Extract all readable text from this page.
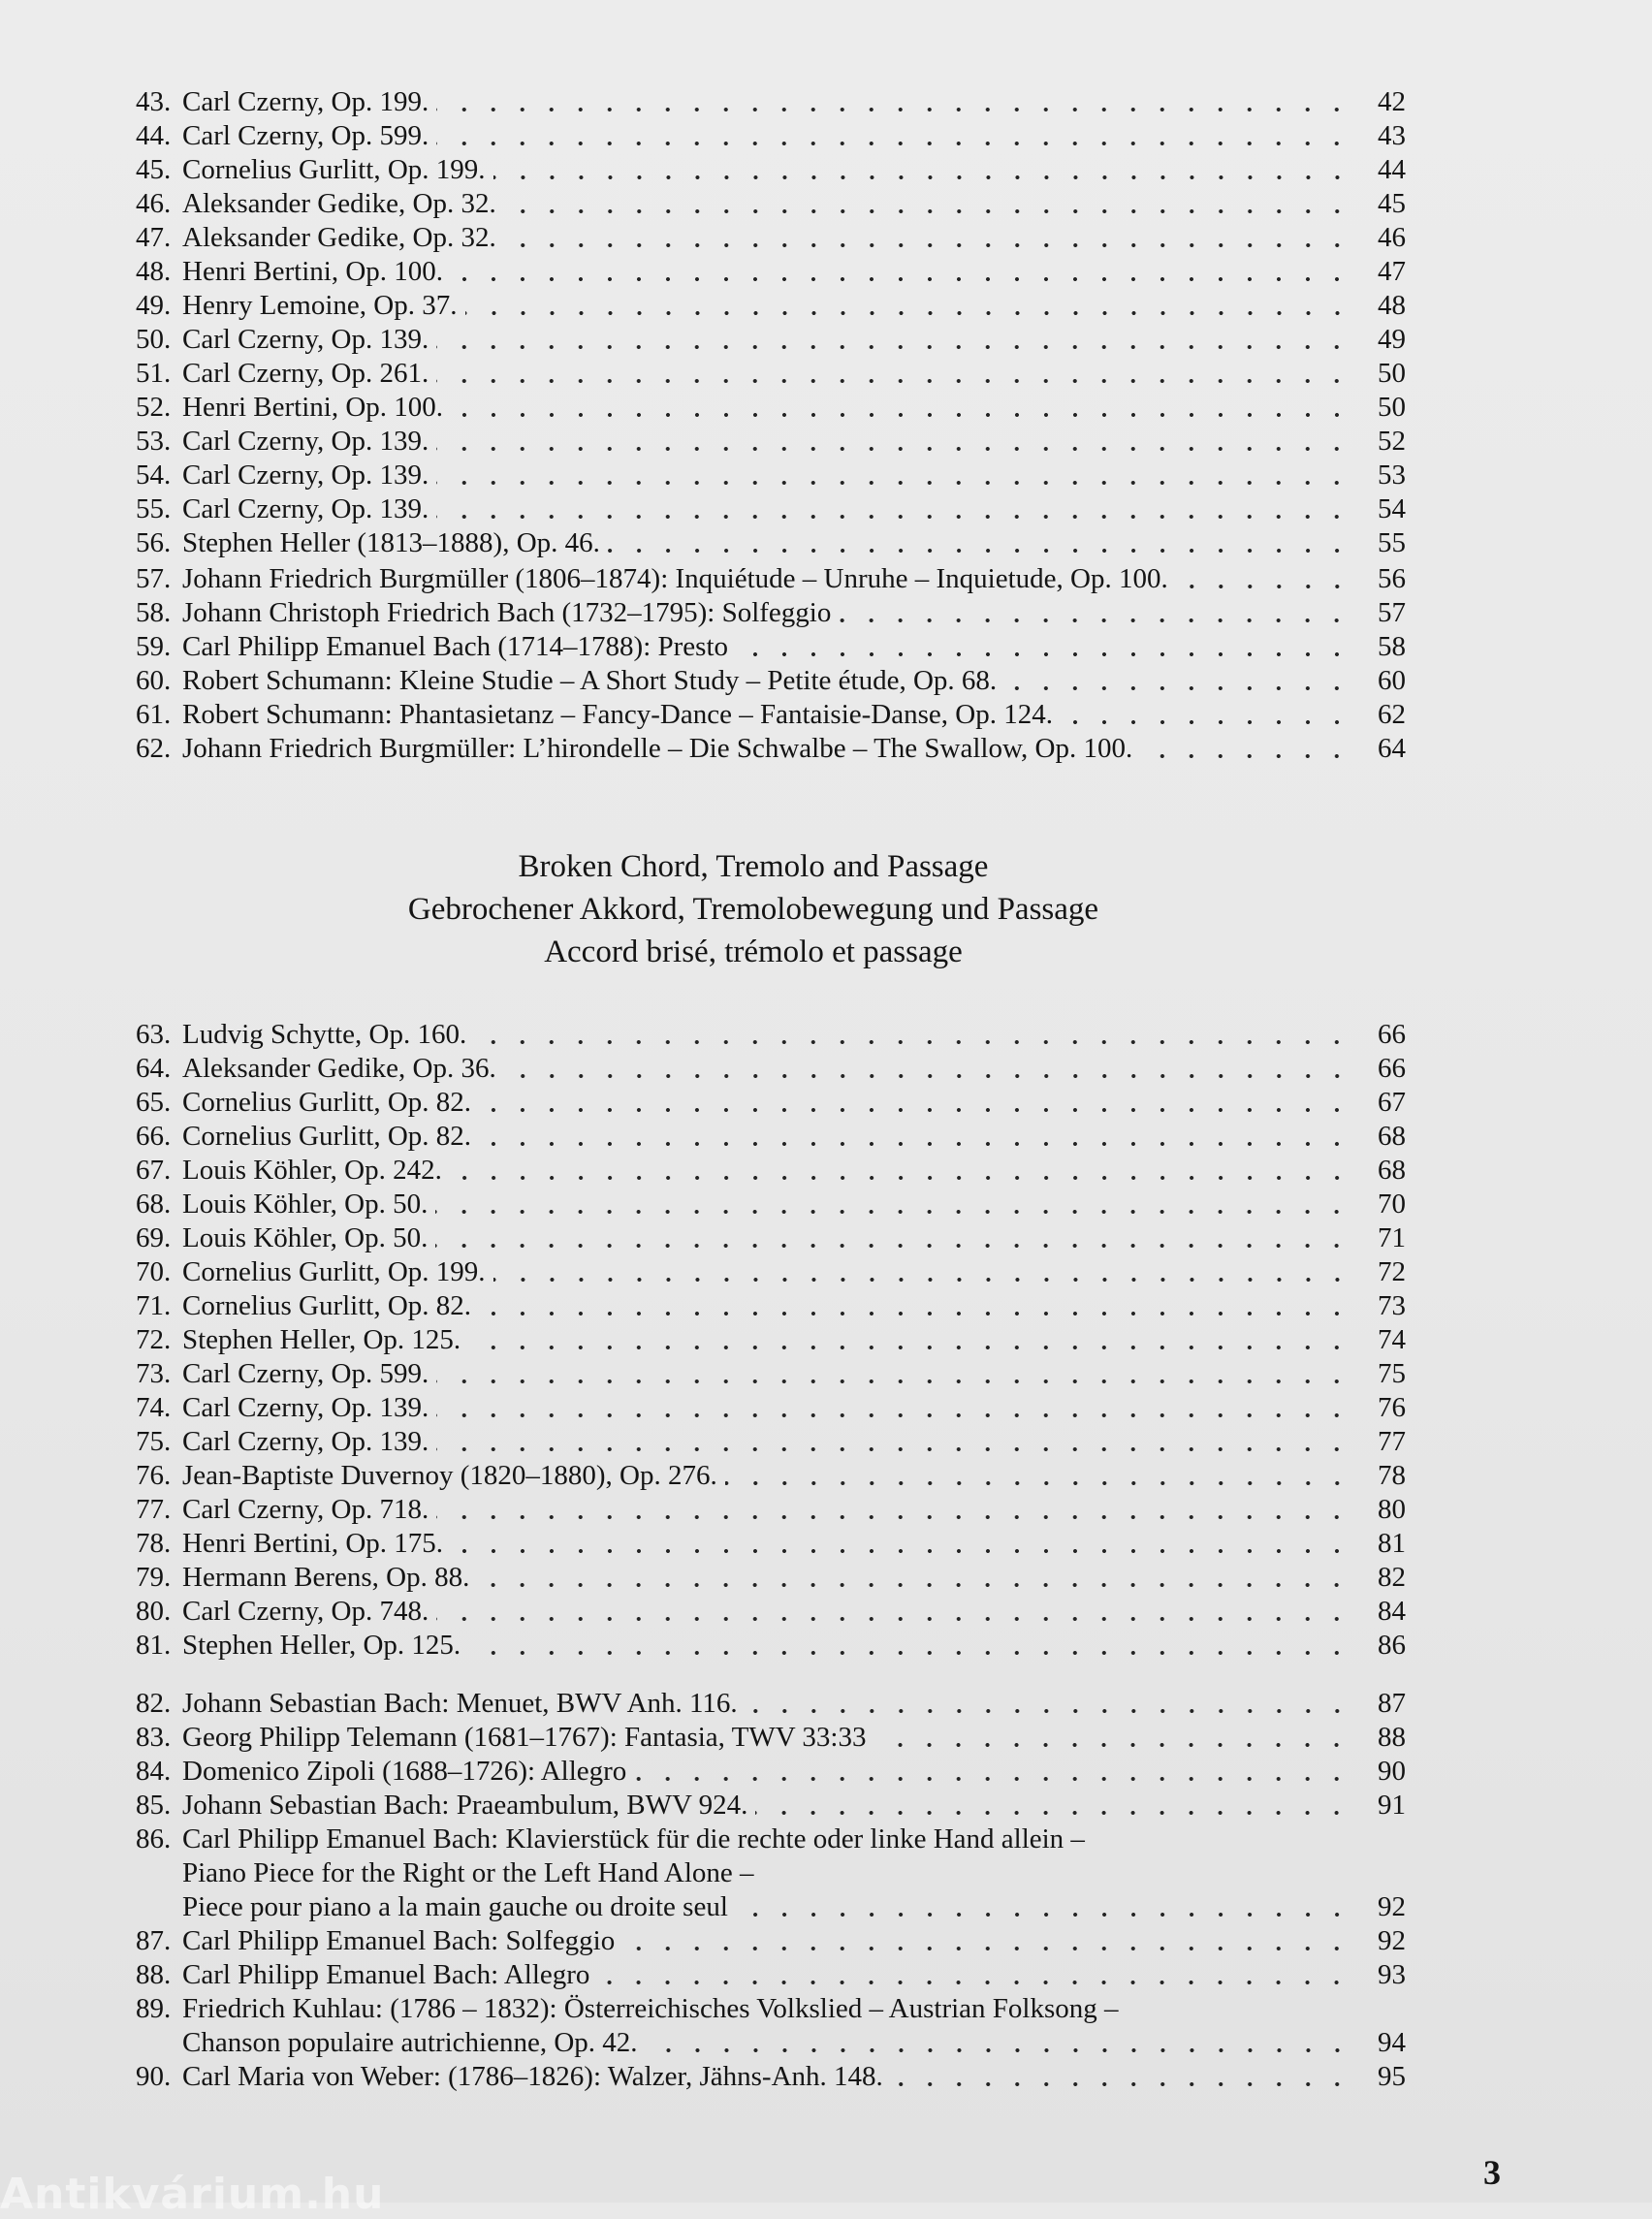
43. Carl Czerny, Op. 199.	42
44. Carl Czerny, Op. 599.	43
45. Cornelius Gurlitt, Op. 199.	44
46. Aleksander Gedike, Op. 32.	45
47. Aleksander Gedike, Op. 32.	46
48. Henri Bertini, Op. 100.	47
49. Henry Lemoine, Op. 37.	48
50. Carl Czerny, Op. 139.	49
51. Carl Czerny, Op. 261.	50
52. Henri Bertini, Op. 100.	50
53. Carl Czerny, Op. 139.	52
54. Carl Czerny, Op. 139.	53
55. Carl Czerny, Op. 139.	54
56. Stephen Heller (1813–1888), Op. 46.	55
57. Johann Friedrich Burgmüller (1806–1874): Inquiétude – Unruhe – Inquietude, Op. 100.	56
58. Johann Christoph Friedrich Bach (1732–1795): Solfeggio	57
59. Carl Philipp Emanuel Bach (1714–1788): Presto	58
60. Robert Schumann: Kleine Studie – A Short Study – Petite étude, Op. 68.	60
61. Robert Schumann: Phantasietanz – Fancy-Dance – Fantaisie-Danse, Op. 124.	62
62. Johann Friedrich Burgmüller: L’hirondelle – Die Schwalbe – The Swallow, Op. 100.	64
Broken Chord, Tremolo and Passage
Gebrochener Akkord, Tremolobewegung und Passage
Accord brisé, trémolo et passage
63. Ludvig Schytte, Op. 160.	66
64. Aleksander Gedike, Op. 36.	66
65. Cornelius Gurlitt, Op. 82.	67
66. Cornelius Gurlitt, Op. 82.	68
67. Louis Köhler, Op. 242.	68
68. Louis Köhler, Op. 50.	70
69. Louis Köhler, Op. 50.	71
70. Cornelius Gurlitt, Op. 199.	72
71. Cornelius Gurlitt, Op. 82.	73
72. Stephen Heller, Op. 125.	74
73. Carl Czerny, Op. 599.	75
74. Carl Czerny, Op. 139.	76
75. Carl Czerny, Op. 139.	77
76. Jean-Baptiste Duvernoy (1820–1880), Op. 276.	78
77. Carl Czerny, Op. 718.	80
78. Henri Bertini, Op. 175.	81
79. Hermann Berens, Op. 88.	82
80. Carl Czerny, Op. 748.	84
81. Stephen Heller, Op. 125.	86
82. Johann Sebastian Bach: Menuet, BWV Anh. 116.	87
83. Georg Philipp Telemann (1681–1767): Fantasia, TWV 33:33	88
84. Domenico Zipoli (1688–1726): Allegro	90
85. Johann Sebastian Bach: Praeambulum, BWV 924.	91
86. Carl Philipp Emanuel Bach: Klavierstück für die rechte oder linke Hand allein –
Piano Piece for the Right or the Left Hand Alone –
Piece pour piano a la main gauche ou droite seul	92
87. Carl Philipp Emanuel Bach: Solfeggio	92
88. Carl Philipp Emanuel Bach: Allegro	93
89. Friedrich Kuhlau: (1786 – 1832): Österreichisches Volkslied – Austrian Folksong –
Chanson populaire autrichienne, Op. 42.	94
90. Carl Maria von Weber: (1786–1826): Walzer, Jähns-Anh. 148.	95
3
Antikvárium.hu
